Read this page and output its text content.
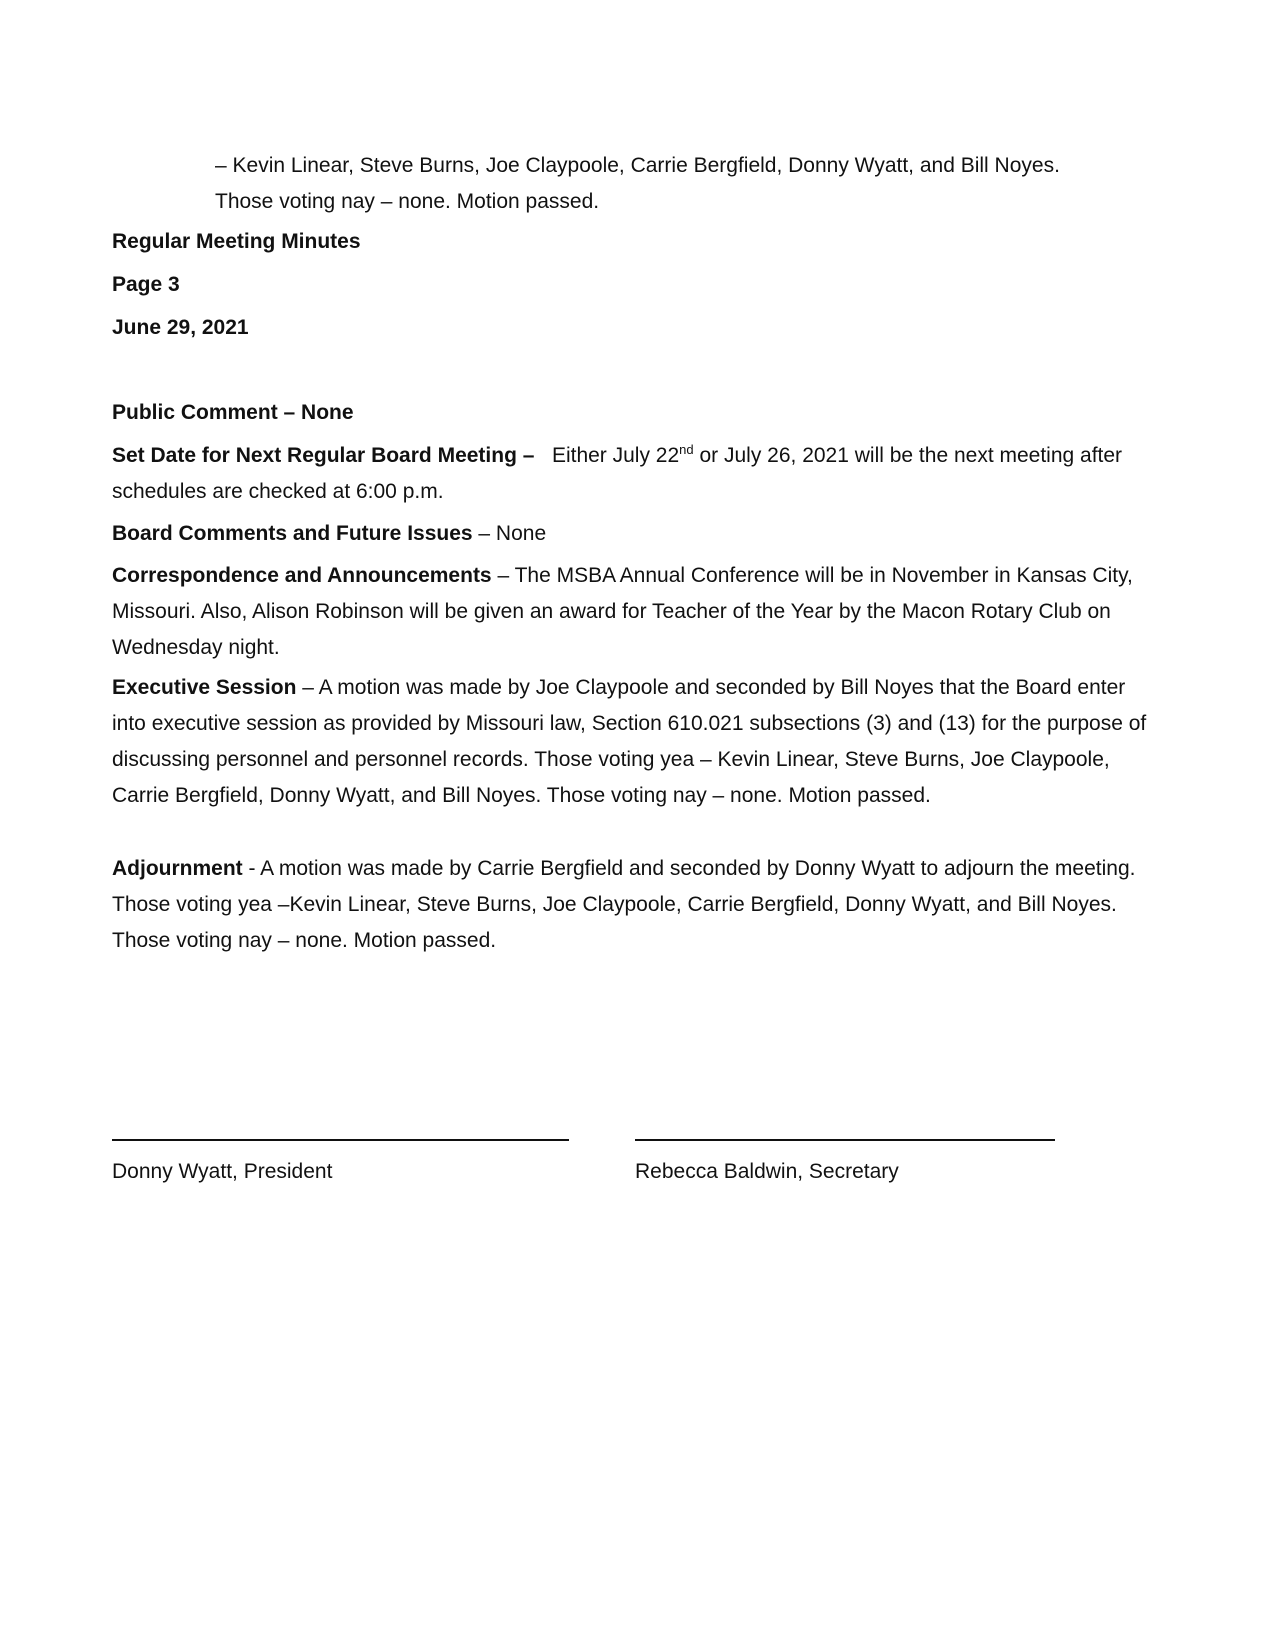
– Kevin Linear, Steve Burns, Joe Claypoole, Carrie Bergfield, Donny Wyatt, and Bill Noyes.
Those voting nay – none. Motion passed.

Regular Meeting Minutes

Page 3

June 29, 2021

Public Comment – None

Set Date for Next Regular Board Meeting – Either July 22nd or July 26, 2021 will be the next meeting after schedules are checked at 6:00 p.m.

Board Comments and Future Issues – None

Correspondence and Announcements – The MSBA Annual Conference will be in November in Kansas City, Missouri. Also, Alison Robinson will be given an award for Teacher of the Year by the Macon Rotary Club on Wednesday night.

Executive Session – A motion was made by Joe Claypoole and seconded by Bill Noyes that the Board enter into executive session as provided by Missouri law, Section 610.021 subsections (3) and (13) for the purpose of discussing personnel and personnel records. Those voting yea – Kevin Linear, Steve Burns, Joe Claypoole, Carrie Bergfield, Donny Wyatt, and Bill Noyes. Those voting nay – none. Motion passed.

Adjournment - A motion was made by Carrie Bergfield and seconded by Donny Wyatt to adjourn the meeting. Those voting yea –Kevin Linear, Steve Burns, Joe Claypoole, Carrie Bergfield, Donny Wyatt, and Bill Noyes. Those voting nay – none. Motion passed.

Donny Wyatt, President	Rebecca Baldwin, Secretary
